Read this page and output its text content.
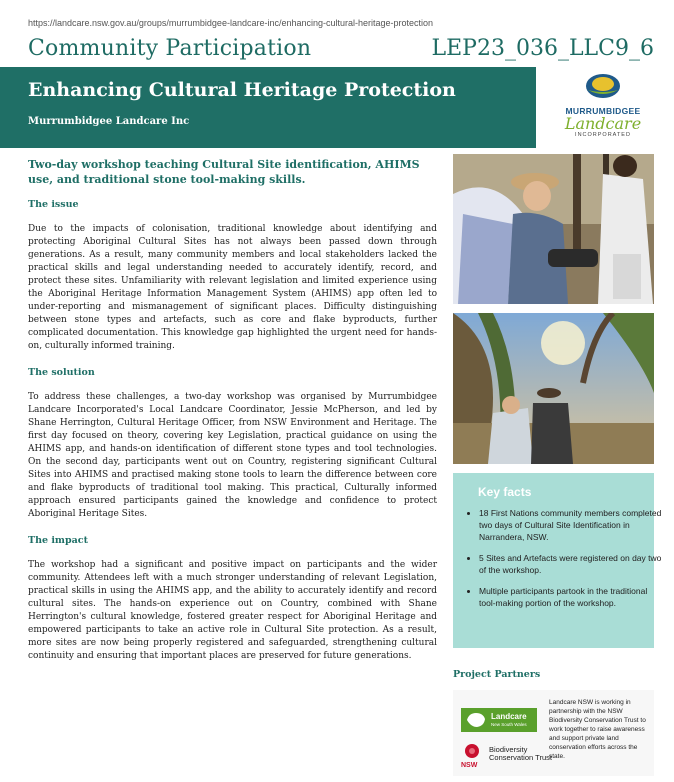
https://landcare.nsw.gov.au/groups/murrumbidgee-landcare-inc/enhancing-cultural-heritage-protection
Community Participation	LEP23_036_LLC9_6
Enhancing Cultural Heritage Protection
Murrumbidgee Landcare Inc
MURRUMBIDGEE
Landcare
INCORPORATED

Two-day workshop teaching Cultural Site identification, AHIMS use, and traditional stone tool-making skills.

The issue

Due to the impacts of colonisation, traditional knowledge about identifying and protecting Aboriginal Cultural Sites has not always been passed down through generations. As a result, many community members and local stakeholders lacked the practical skills and legal understanding needed to accurately identify, record, and protect these sites. Unfamiliarity with relevant legislation and limited experience using the Aboriginal Heritage Information Management System (AHIMS) app often led to under-reporting and mismanagement of significant places. Difficulty distinguishing between stone types and artefacts, such as core and flake byproducts, further complicated documentation. This knowledge gap highlighted the urgent need for hands-on, culturally informed training.

The solution

To address these challenges, a two-day workshop was organised by Murrumbidgee Landcare Incorporated's Local Landcare Coordinator, Jessie McPherson, and led by Shane Herrington, Cultural Heritage Officer, from NSW Environment and Heritage. The first day focused on theory, covering key Legislation, practical guidance on using the AHIMS app, and hands-on identification of different stone types and tool technologies. On the second day, participants went out on Country, registering significant Cultural Sites into AHIMS and practised making stone tools to learn the difference between core and flake byproducts of traditional tool making. This practical, Culturally informed approach ensured participants gained the knowledge and confidence to protect Aboriginal Heritage Sites.

The impact

The workshop had a significant and positive impact on participants and the wider community. Attendees left with a much stronger understanding of relevant Legislation, practical skills in using the AHIMS app, and the ability to accurately identify and record cultural sites. The hands-on experience out on Country, combined with Shane Herrington's cultural knowledge, fostered greater respect for Aboriginal Heritage and empowered participants to take an active role in Cultural Site protection. As a result, more sites are now being properly registered and safeguarded, strengthening cultural continuity and ensuring that important places are preserved for future generations.

Key facts
• 18 First Nations community members completed two days of Cultural Site Identification in Narrandera, NSW.
• 5 Sites and Artefacts were registered on day two of the workshop.
• Multiple participants partook in the traditional tool-making portion of the workshop.
Project Partners
Landcare
New South Wales
NSW
Biodiversity Conservation Trust
Landcare NSW is working in partnership with the NSW Biodiversity Conservation Trust to work together to raise awareness and support private land conservation efforts across the state.
